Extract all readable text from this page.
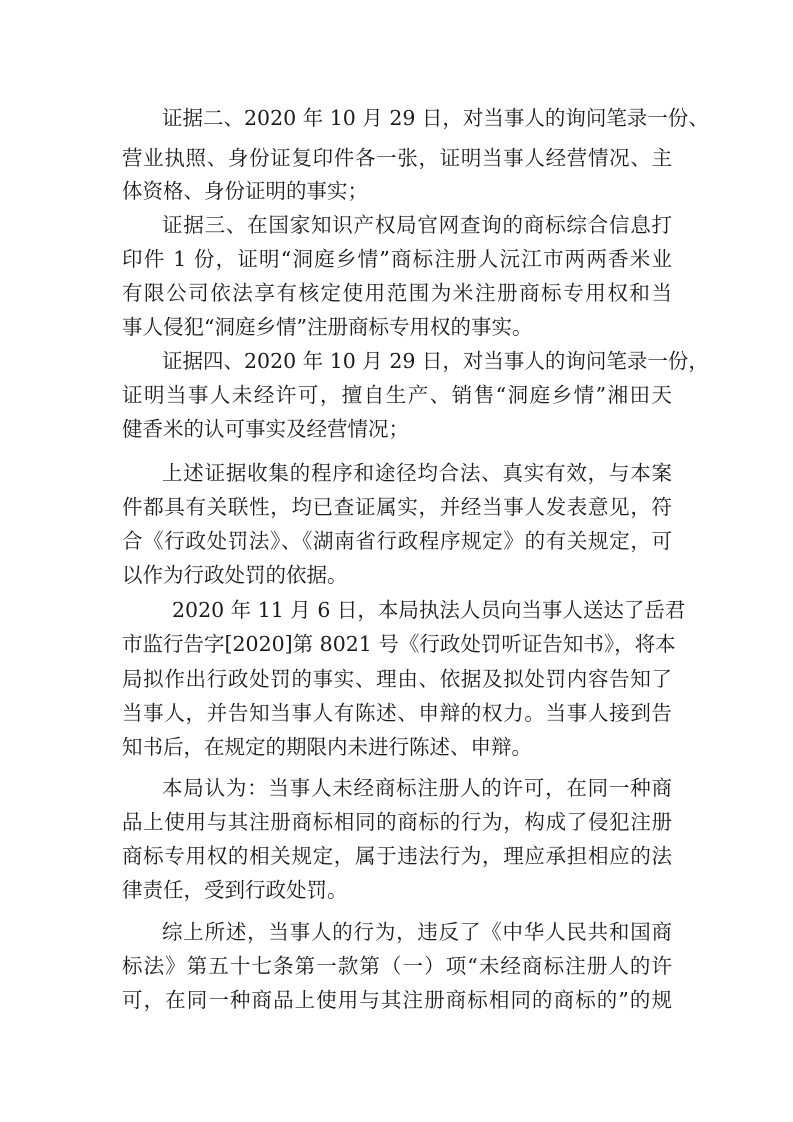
证据二、2020 年 10 月 29 日，对当事人的询问笔录一份、
营业执照、身份证复印件各一张，证明当事人经营情况、主
体资格、身份证明的事实；
证据三、在国家知识产权局官网查询的商标综合信息打
印件 1 份，证明“洞庭乡情”商标注册人沅江市两两香米业
有限公司依法享有核定使用范围为米注册商标专用权和当
事人侵犯“洞庭乡情”注册商标专用权的事实。
证据四、2020 年 10 月 29 日，对当事人的询问笔录一份，
证明当事人未经许可，擅自生产、销售“洞庭乡情”湘田天
健香米的认可事实及经营情况；
上述证据收集的程序和途径均合法、真实有效，与本案
件都具有关联性，均已查证属实，并经当事人发表意见，符
合《行政处罚法》、《湖南省行政程序规定》的有关规定，可
以作为行政处罚的依据。
2020 年 11 月 6 日，本局执法人员向当事人送达了岳君
市监行告字[2020]第 8021 号《行政处罚听证告知书》，将本
局拟作出行政处罚的事实、理由、依据及拟处罚内容告知了
当事人，并告知当事人有陈述、申辩的权力。当事人接到告
知书后，在规定的期限内未进行陈述、申辩。
本局认为：当事人未经商标注册人的许可，在同一种商
品上使用与其注册商标相同的商标的行为，构成了侵犯注册
商标专用权的相关规定，属于违法行为，理应承担相应的法
律责任，受到行政处罚。
综上所述，当事人的行为，违反了《中华人民共和国商
标法》第五十七条第一款第（一）项“未经商标注册人的许
可，在同一种商品上使用与其注册商标相同的商标的”的规
